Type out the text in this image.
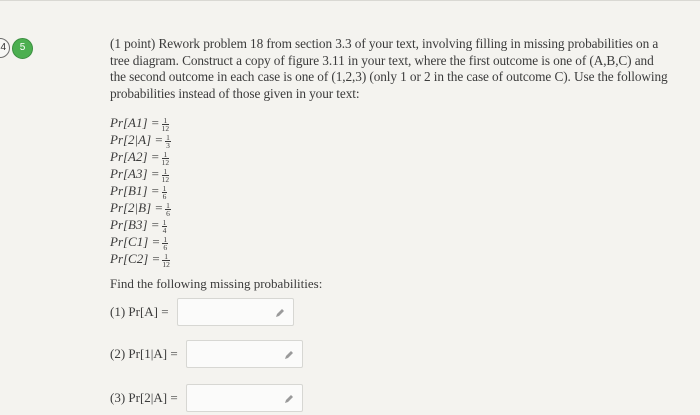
4	5	(1 point) Rework problem 18 from section 3.3 of your text, involving filling in missing probabilities on a tree diagram. Construct a copy of figure 3.11 in your text, where the first outcome is one of (A,B,C) and the second outcome in each case is one of (1,2,3) (only 1 or 2 in the case of outcome C). Use the following probabilities instead of those given in your text:

$Pr[A1] = \frac{1}{12}$
$Pr[2|A] = \frac{1}{3}$
$Pr[A2] = \frac{1}{12}$
$Pr[A3] = \frac{1}{12}$
$Pr[B1] = \frac{1}{6}$
$Pr[2|B] = \frac{1}{6}$
$Pr[B3] = \frac{1}{4}$
$Pr[C1] = \frac{1}{6}$
$Pr[C2] = \frac{1}{12}$
Find the following missing probabilities:
(1) Pr[A] =
(2) Pr[1|A] =
(3) Pr[2|A] =
